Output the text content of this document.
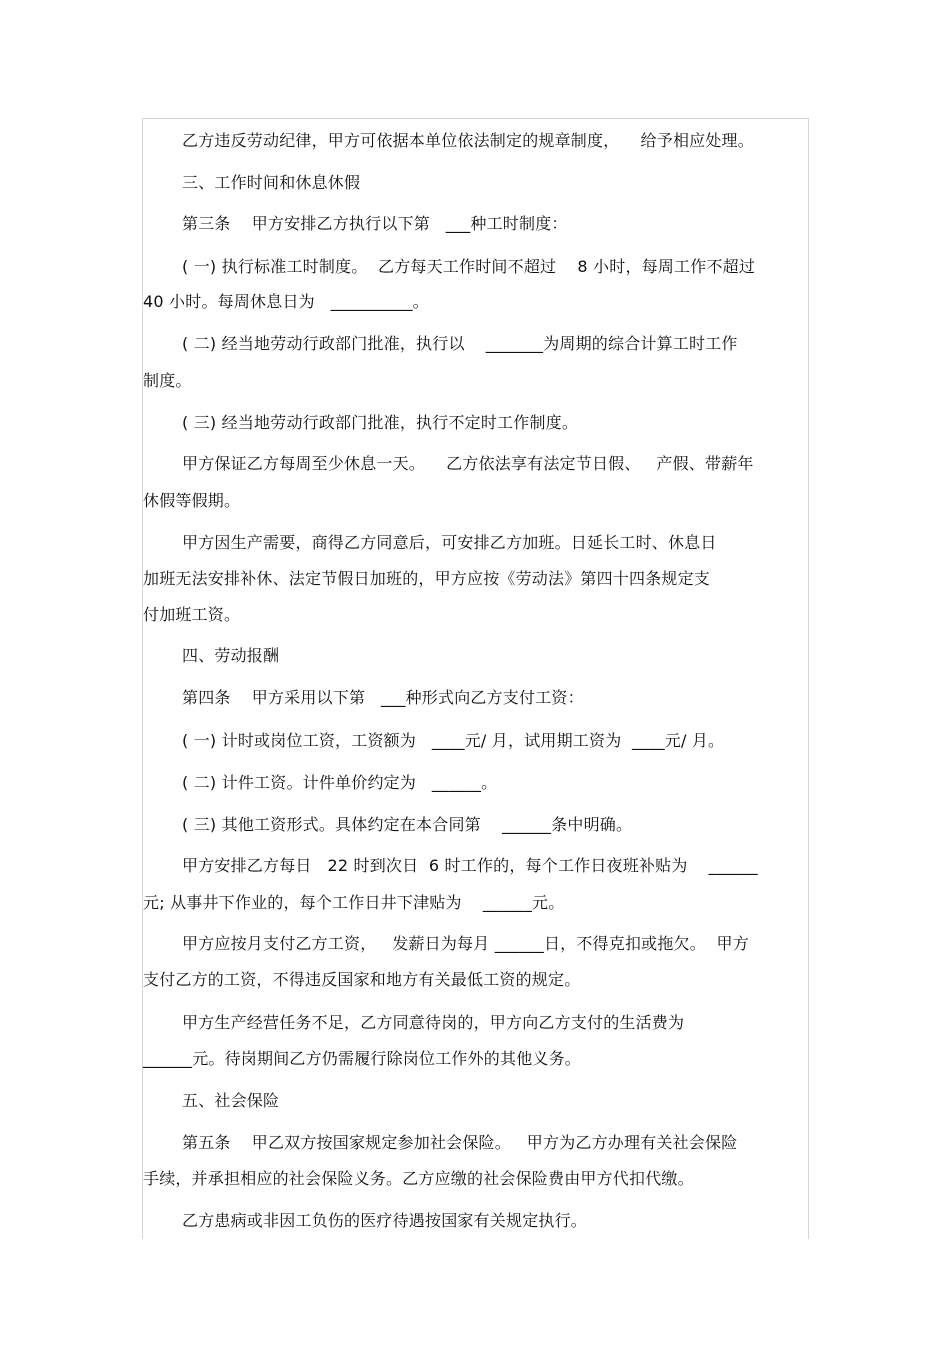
乙方违反劳动纪律，甲方可依据本单位依法制定的规章制度，    给予相应处理。
三、工作时间和休息休假
第三条    甲方安排乙方执行以下第   ___种工时制度：
( 一) 执行标准工时制度。  乙方每天工作时间不超过    8 小时，每周工作不超过
40 小时。每周休息日为   __________。
( 二) 经当地劳动行政部门批准，执行以    _______为周期的综合计算工时工作
制度。
( 三) 经当地劳动行政部门批准，执行不定时工作制度。
甲方保证乙方每周至少休息一天。    乙方依法享有法定节日假、   产假、带薪年
休假等假期。
甲方因生产需要，商得乙方同意后，可安排乙方加班。日延长工时、休息日
加班无法安排补休、法定节假日加班的，甲方应按《劳动法》第四十四条规定支
付加班工资。
四、劳动报酬
第四条    甲方采用以下第   ___种形式向乙方支付工资：
( 一) 计时或岗位工资，工资额为   ____元/ 月，试用期工资为  ____元/ 月。
( 二) 计件工资。计件单价约定为   ______。
( 三) 其他工资形式。具体约定在本合同第    ______条中明确。
甲方安排乙方每日   22 时到次日  6 时工作的，每个工作日夜班补贴为    ______
元; 从事井下作业的，每个工作日井下津贴为    ______元。
甲方应按月支付乙方工资，   发薪日为每月 ______日，不得克扣或拖欠。  甲方
支付乙方的工资，不得违反国家和地方有关最低工资的规定。
甲方生产经营任务不足，乙方同意待岗的，甲方向乙方支付的生活费为
______元。待岗期间乙方仍需履行除岗位工作外的其他义务。
五、社会保险
第五条    甲乙双方按国家规定参加社会保险。   甲方为乙方办理有关社会保险
手续，并承担相应的社会保险义务。乙方应缴的社会保险费由甲方代扣代缴。
乙方患病或非因工负伤的医疗待遇按国家有关规定执行。
